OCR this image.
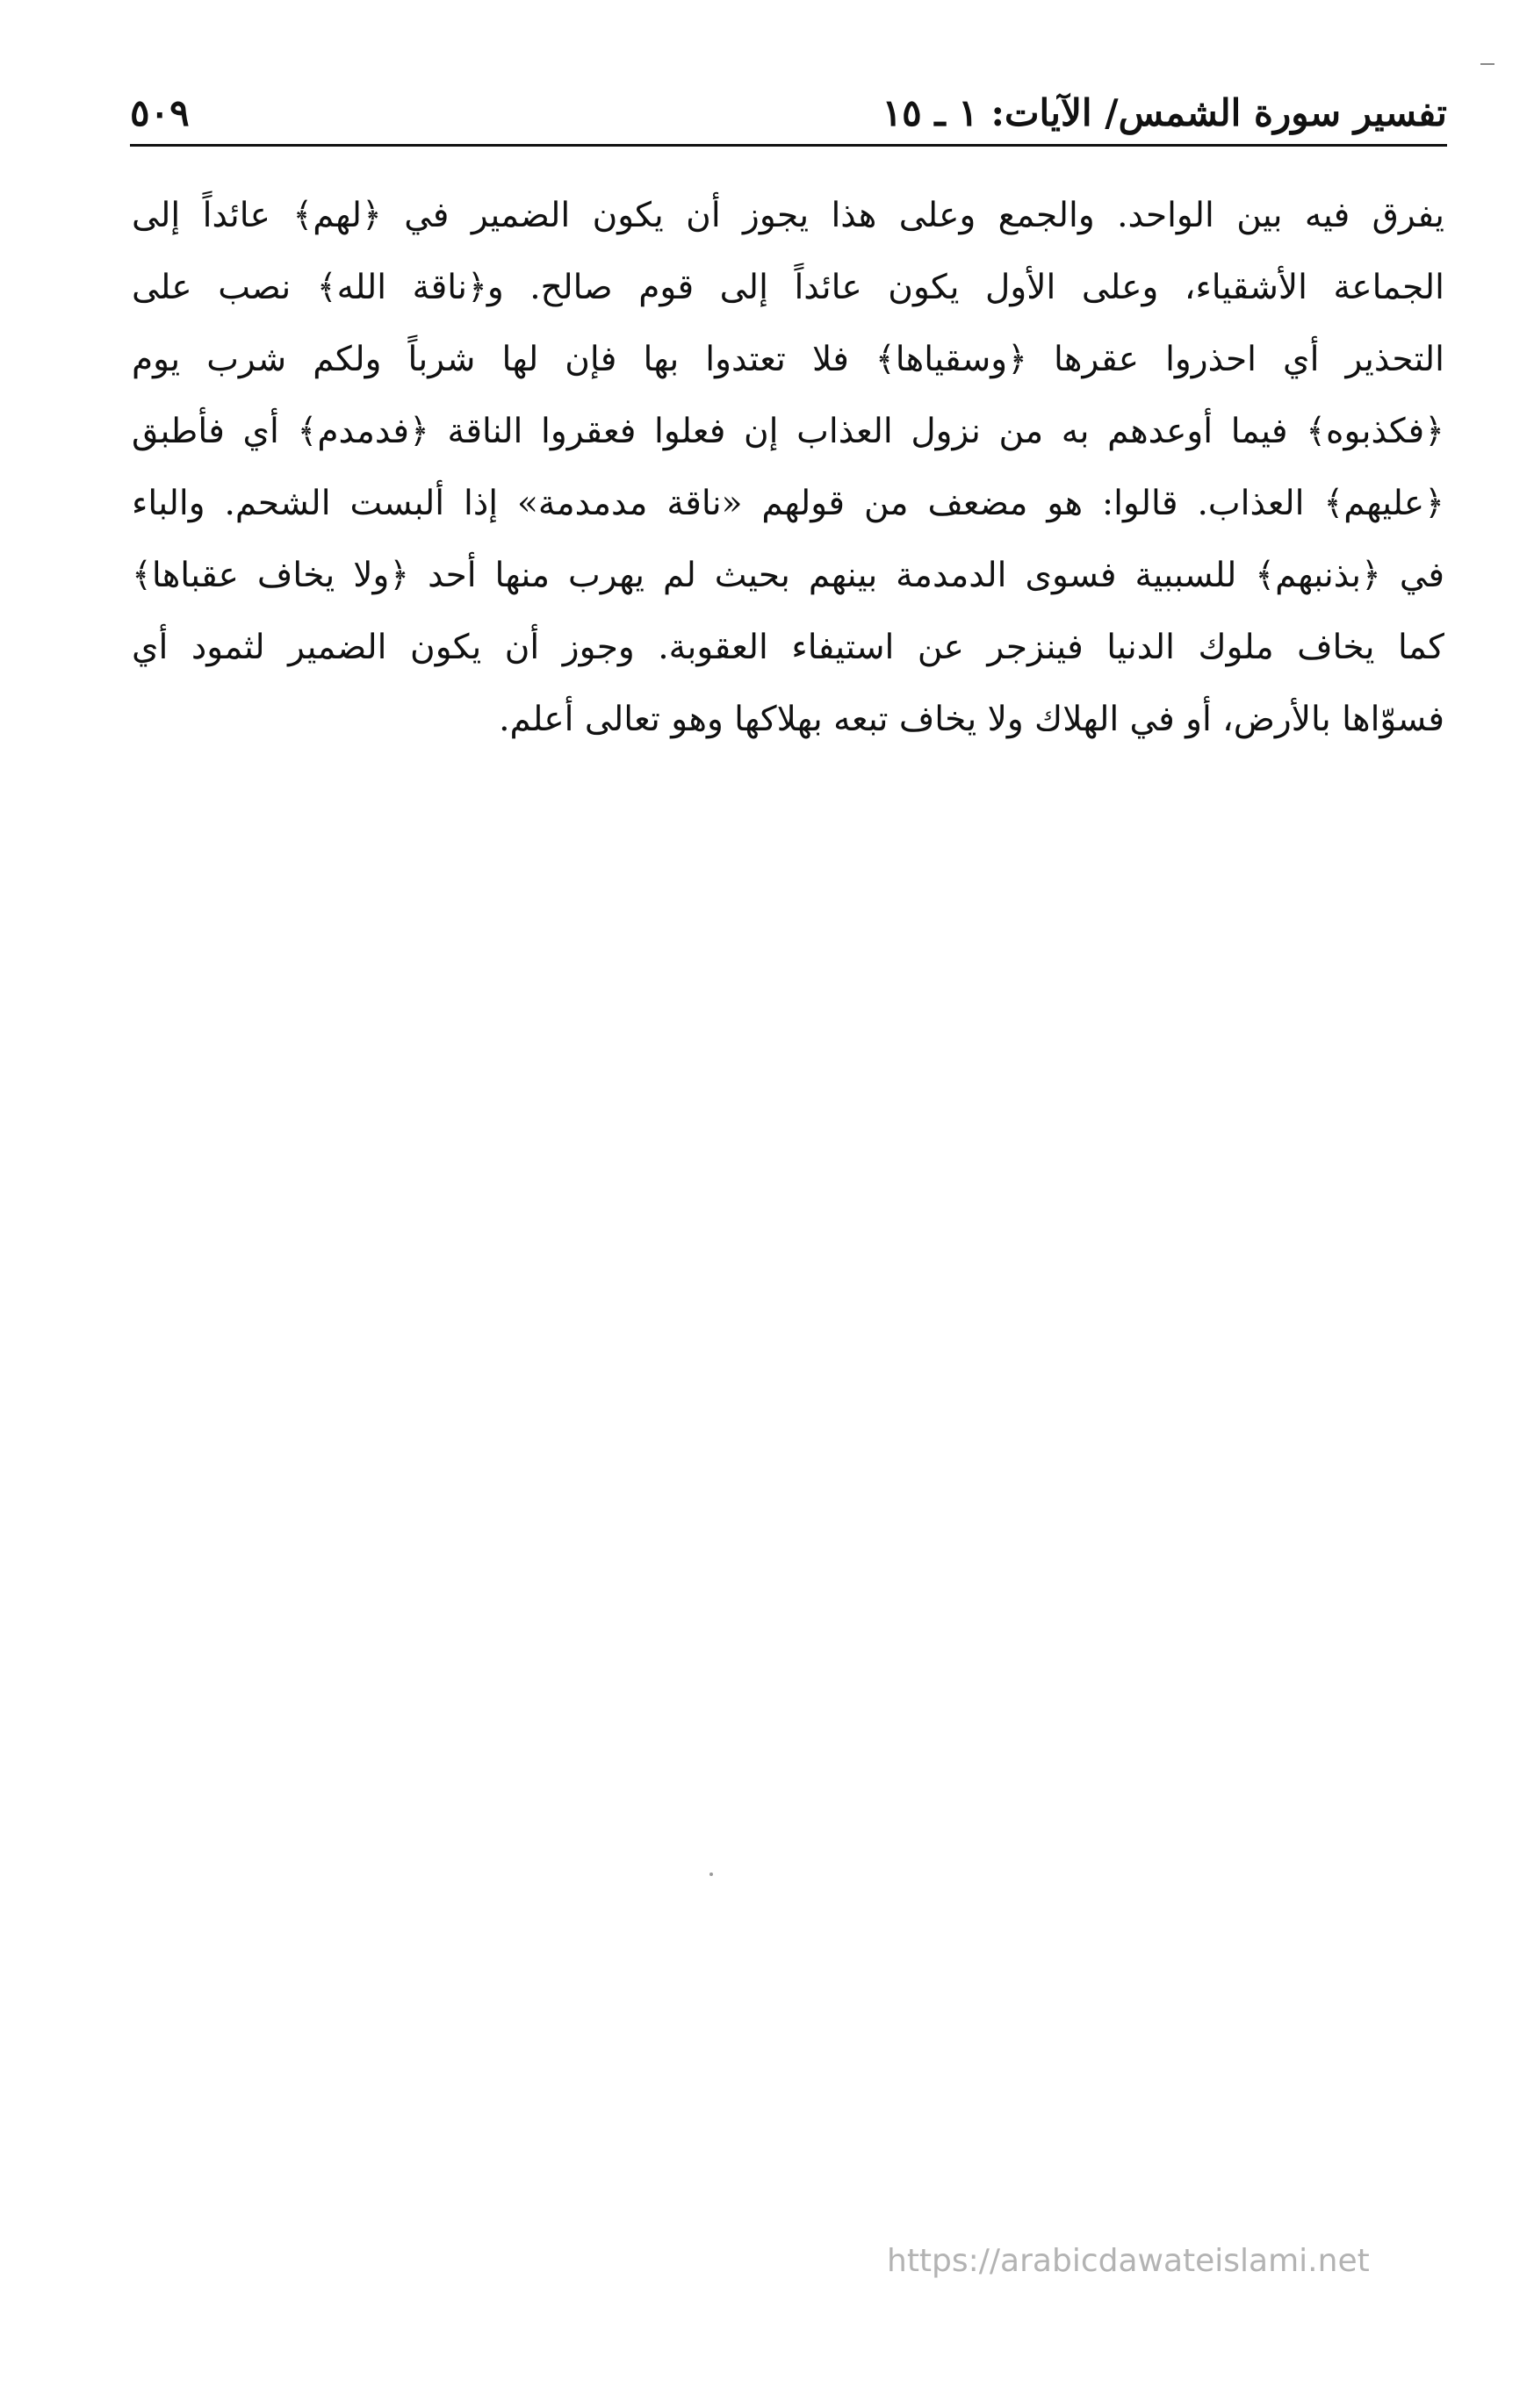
تفسير سورة الشمس/ الآيات: ١ ـ ١٥
٥٠٩
يفرق فيه بين الواحد. والجمع وعلى هذا يجوز أن يكون الضمير في ﴿لهم﴾ عائداً إلى
الجماعة الأشقياء، وعلى الأول يكون عائداً إلى قوم صالح. و﴿ناقة الله﴾ نصب على
التحذير أي احذروا عقرها ﴿وسقياها﴾ فلا تعتدوا بها فإن لها شرباً ولكم شرب يوم
﴿فكذبوه﴾ فيما أوعدهم به من نزول العذاب إن فعلوا فعقروا الناقة ﴿فدمدم﴾ أي فأطبق
﴿عليهم﴾ العذاب. قالوا: هو مضعف من قولهم «ناقة مدمدمة» إذا ألبست الشحم. والباء
في ﴿بذنبهم﴾ للسببية فسوى الدمدمة بينهم بحيث لم يهرب منها أحد ﴿ولا يخاف عقباها﴾
كما يخاف ملوك الدنيا فينزجر عن استيفاء العقوبة. وجوز أن يكون الضمير لثمود أي
فسوّاها بالأرض، أو في الهلاك ولا يخاف تبعه بهلاكها وهو تعالى أعلم.
https://arabicdawateislami.net
